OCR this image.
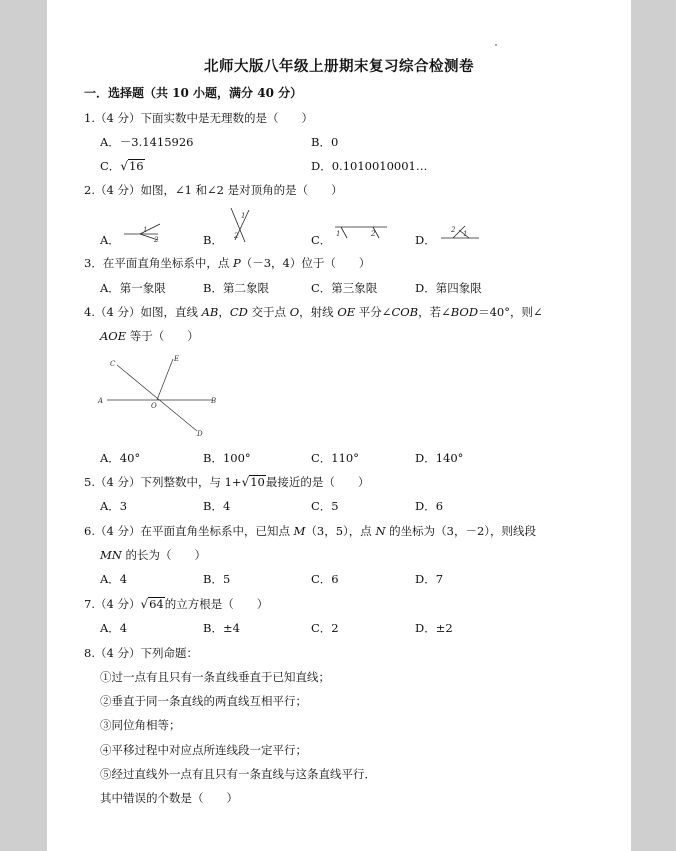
北师大版八年级上册期末复习综合检测卷
一．选择题（共 10 小题，满分 40 分）
1.（4 分）下面实数中是无理数的是（　　）
A．－3.1415926	B．0
C．√16	D．0.1010010001…
2.（4 分）如图，∠1 和∠2 是对顶角的是（　　）
A．
1
2	B．
1
2	C． 1	2	D．
2 1
3．在平面直角坐标系中，点 P（－3，4）位于（　　）
A．第一象限	B．第二象限	C．第三象限	D．第四象限
4.（4 分）如图，直线 AB，CD 交于点 O，射线 OE 平分∠COB，若∠BOD＝40°，则∠
AOE 等于（　　）
A	B
C
D
E
O
A．40°	B．100°	C．110°	D．140°
5.（4 分）下列整数中，与 1+√10最接近的是（　　）
A．3	B．4	C．5	D．6
6.（4 分）在平面直角坐标系中，已知点 M（3，5），点 N 的坐标为（3，－2），则线段
MN 的长为（　　）
A．4	B．5	C．6	D．7
7.（4 分）√64的立方根是（　　）
A．4	B．±4	C．2	D．±2
8.（4 分）下列命题：
①过一点有且只有一条直线垂直于已知直线；
②垂直于同一条直线的两直线互相平行；
③同位角相等；
④平移过程中对应点所连线段一定平行；
⑤经过直线外一点有且只有一条直线与这条直线平行．
其中错误的个数是（　　）
